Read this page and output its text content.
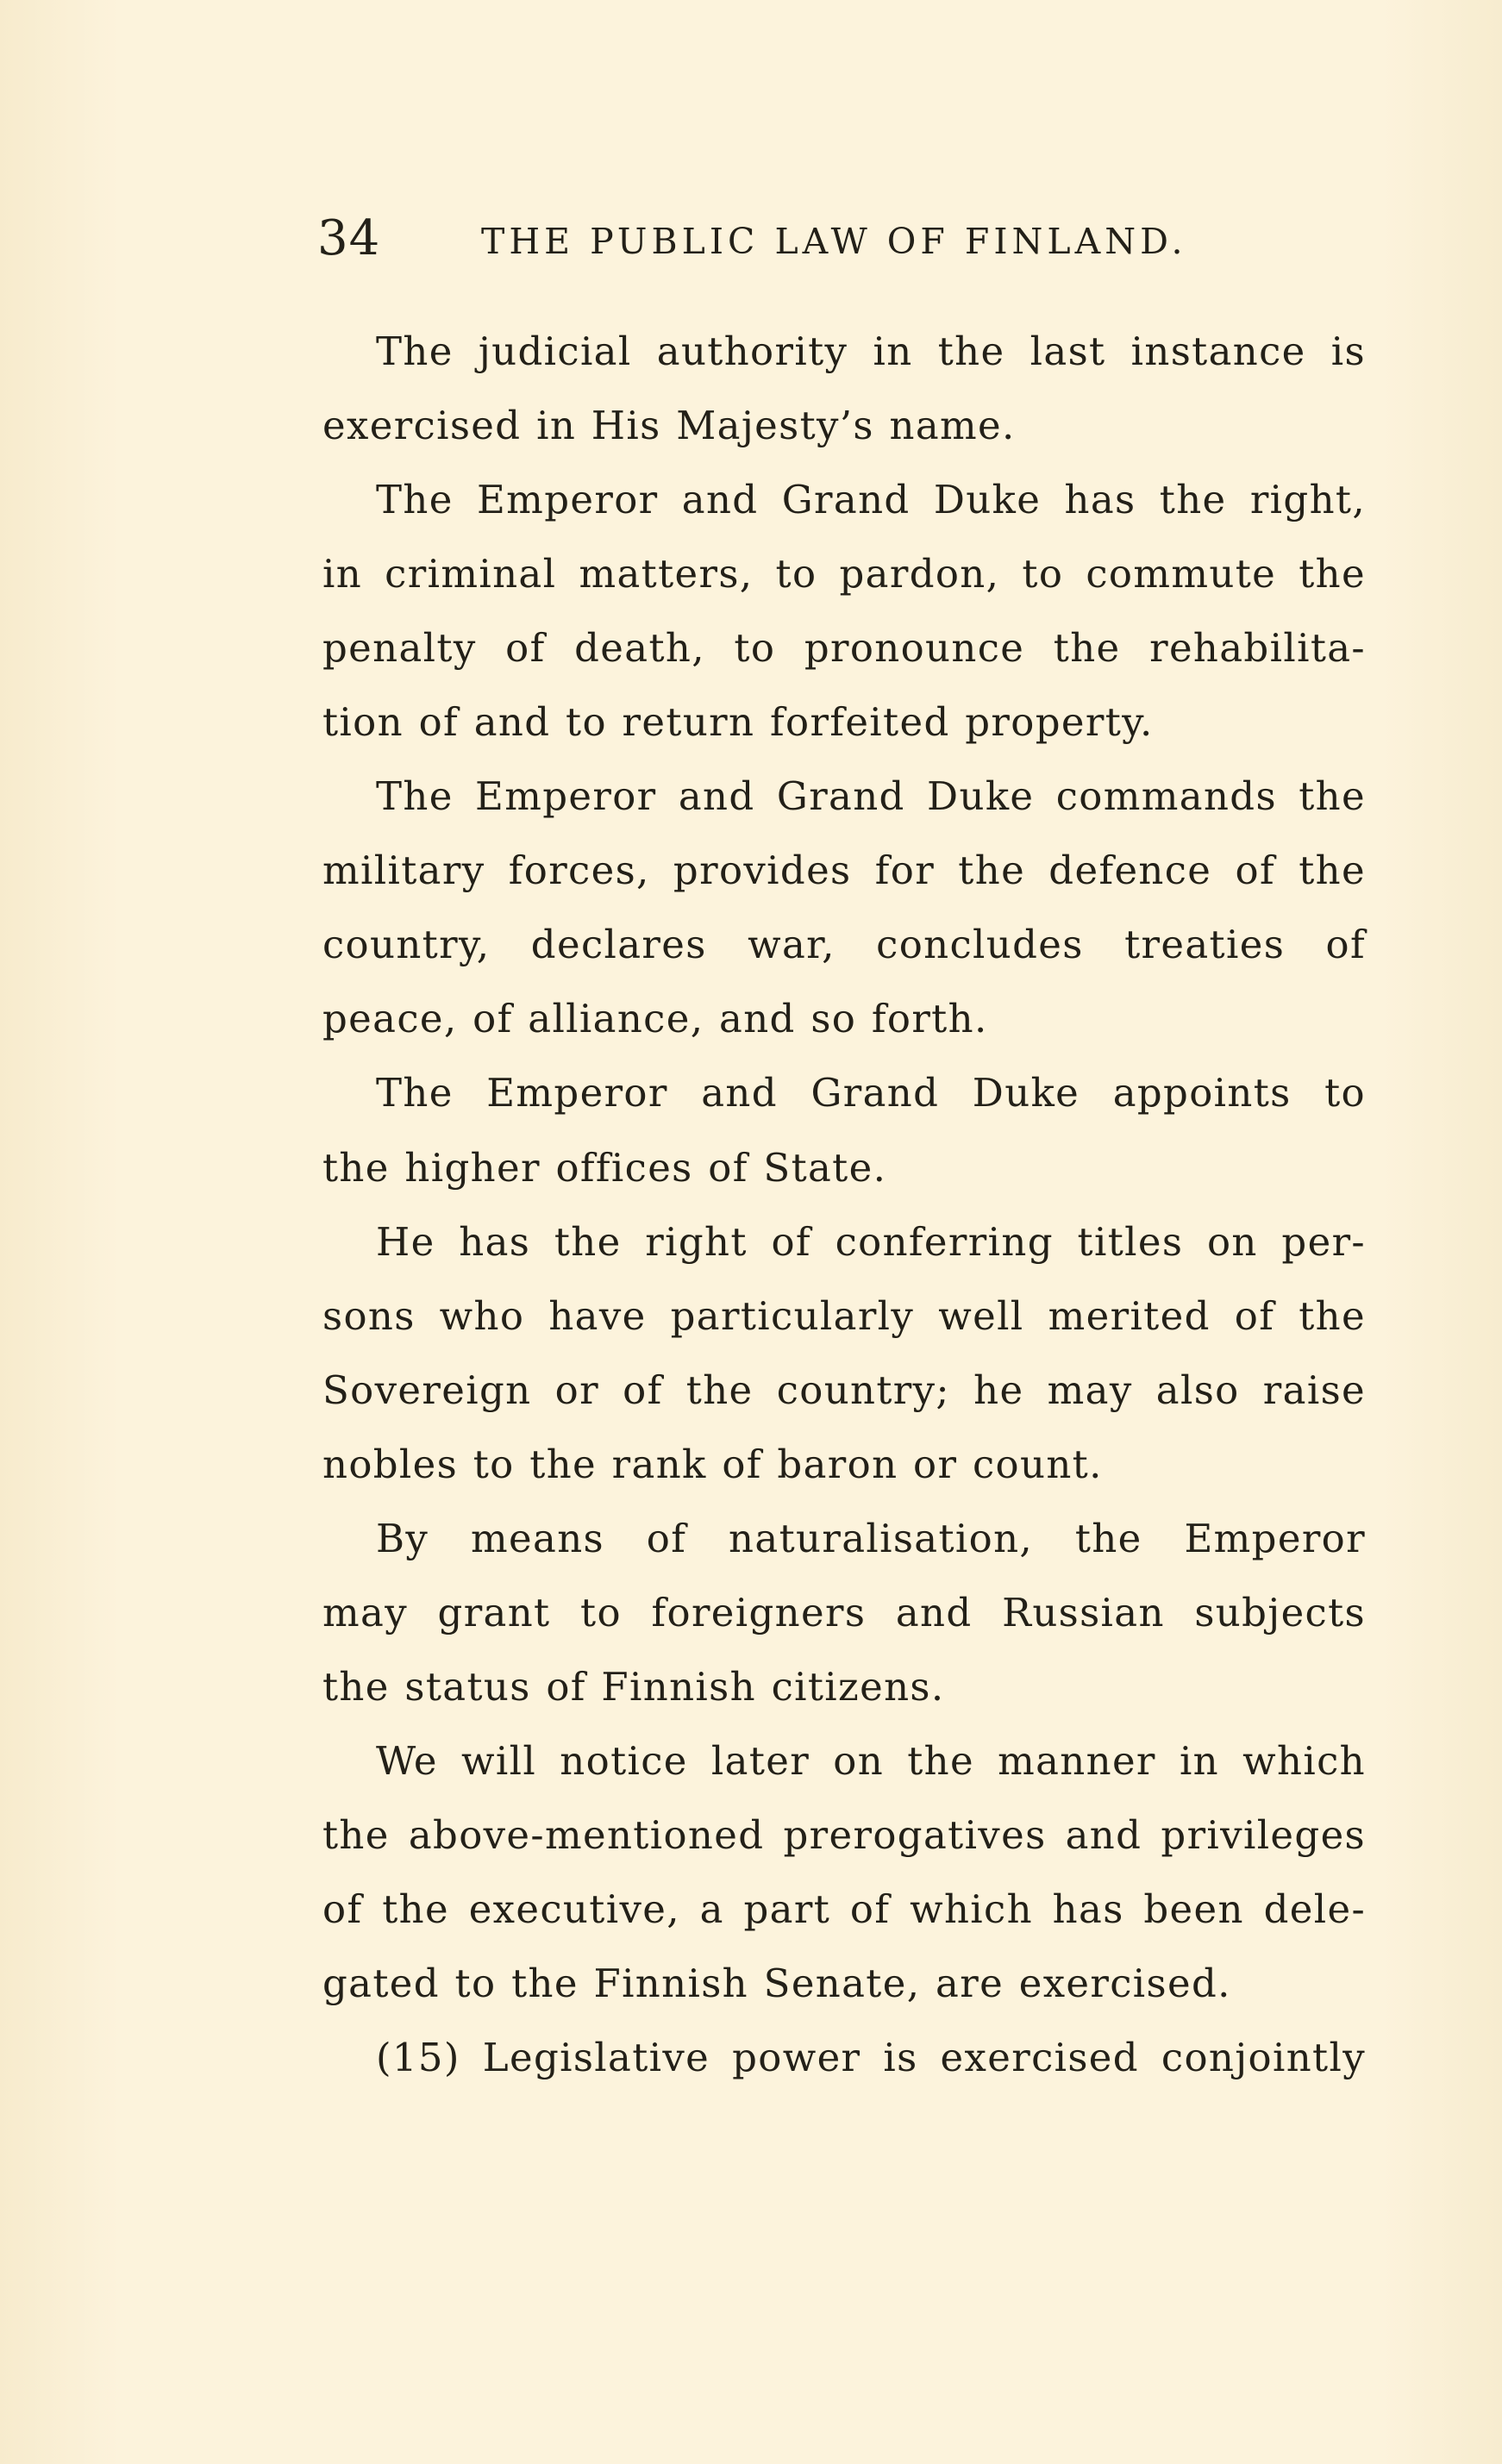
34	THE PUBLIC LAW OF FINLAND.
The judicial authority in the last instance is
exercised in His Majesty’s name.
The Emperor and Grand Duke has the right,
in criminal matters, to pardon, to commute the
penalty of death, to pronounce the rehabilita-
tion of and to return forfeited property.
The Emperor and Grand Duke commands the
military forces, provides for the defence of the
country, declares war, concludes treaties of
peace, of alliance, and so forth.
The Emperor and Grand Duke appoints to
the higher offices of State.
He has the right of conferring titles on per-
sons who have particularly well merited of the
Sovereign or of the country; he may also raise
nobles to the rank of baron or count.
By means of naturalisation, the Emperor
may grant to foreigners and Russian subjects
the status of Finnish citizens.
We will notice later on the manner in which
the above-mentioned prerogatives and privileges
of the executive, a part of which has been dele-
gated to the Finnish Senate, are exercised.
(15) Legislative power is exercised conjointly
